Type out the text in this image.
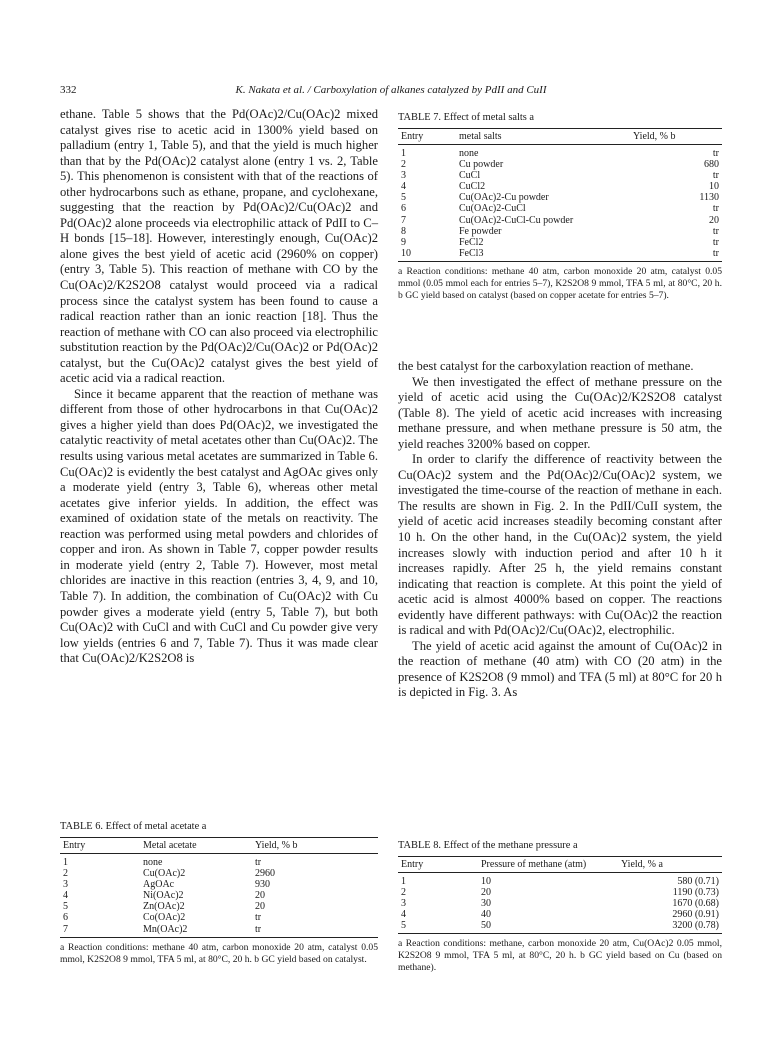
332	K. Nakata et al. / Carboxylation of alkanes catalyzed by PdII and CuII

ethane. Table 5 shows that the Pd(OAc)2/Cu(OAc)2 mixed catalyst gives rise to acetic acid in 1300% yield based on palladium (entry 1, Table 5), and that the yield is much higher than that by the Pd(OAc)2 catalyst alone (entry 1 vs. 2, Table 5). This phenomenon is consistent with that of the reactions of other hydrocarbons such as ethane, propane, and cyclohexane, suggesting that the reaction by Pd(OAc)2/Cu(OAc)2 and Pd(OAc)2 alone proceeds via electrophilic attack of PdII to C–H bonds [15–18]. However, interestingly enough, Cu(OAc)2 alone gives the best yield of acetic acid (2960% on copper) (entry 3, Table 5). This reaction of methane with CO by the Cu(OAc)2/K2S2O8 catalyst would proceed via a radical process since the catalyst system has been found to cause a radical reaction rather than an ionic reaction [18]. Thus the reaction of methane with CO can also proceed via electrophilic substitution reaction by the Pd(OAc)2/Cu(OAc)2 or Pd(OAc)2 catalyst, but the Cu(OAc)2 catalyst gives the best yield of acetic acid via a radical reaction.

Since it became apparent that the reaction of methane was different from those of other hydrocarbons in that Cu(OAc)2 gives a higher yield than does Pd(OAc)2, we investigated the catalytic reactivity of metal acetates other than Cu(OAc)2. The results using various metal acetates are summarized in Table 6. Cu(OAc)2 is evidently the best catalyst and AgOAc gives only a moderate yield (entry 3, Table 6), whereas other metal acetates give inferior yields. In addition, the effect was examined of oxidation state of the metals on reactivity. The reaction was performed using metal powders and chlorides of copper and iron. As shown in Table 7, copper powder results in moderate yield (entry 2, Table 7). However, most metal chlorides are inactive in this reaction (entries 3, 4, 9, and 10, Table 7). In addition, the combination of Cu(OAc)2 with Cu powder gives a moderate yield (entry 5, Table 7), but both Cu(OAc)2 with CuCl and with CuCl and Cu powder give very low yields (entries 6 and 7, Table 7). Thus it was made clear that Cu(OAc)2/K2S2O8 is

TABLE 7. Effect of metal salts a
Entry	metal salts	Yield, % b
1	none	tr
2	Cu powder	680
3	CuCl	tr
4	CuCl2	10
5	Cu(OAc)2-Cu powder	1130
6	Cu(OAc)2-CuCl	tr
7	Cu(OAc)2-CuCl-Cu powder	20
8	Fe powder	tr
9	FeCl2	tr
10	FeCl3	tr
a Reaction conditions: methane 40 atm, carbon monoxide 20 atm, catalyst 0.05 mmol (0.05 mmol each for entries 5–7), K2S2O8 9 mmol, TFA 5 ml, at 80°C, 20 h. b GC yield based on catalyst (based on copper acetate for entries 5–7).

the best catalyst for the carboxylation reaction of methane.

We then investigated the effect of methane pressure on the yield of acetic acid using the Cu(OAc)2/K2S2O8 catalyst (Table 8). The yield of acetic acid increases with increasing methane pressure, and when methane pressure is 50 atm, the yield reaches 3200% based on copper.

In order to clarify the difference of reactivity between the Cu(OAc)2 system and the Pd(OAc)2/Cu(OAc)2 system, we investigated the time-course of the reaction of methane in each. The results are shown in Fig. 2. In the PdII/CuII system, the yield of acetic acid increases steadily becoming constant after 10 h. On the other hand, in the Cu(OAc)2 system, the yield increases slowly with induction period and after 10 h it increases rapidly. After 25 h, the yield remains constant indicating that reaction is complete. At this point the yield of acetic acid is almost 4000% based on copper. The reactions evidently have different pathways: with Cu(OAc)2 the reaction is radical and with Pd(OAc)2/Cu(OAc)2, electrophilic.

The yield of acetic acid against the amount of Cu(OAc)2 in the reaction of methane (40 atm) with CO (20 atm) in the presence of K2S2O8 (9 mmol) and TFA (5 ml) at 80°C for 20 h is depicted in Fig. 3. As

TABLE 6. Effect of metal acetate a
Entry	Metal acetate	Yield, % b
1	none	tr
2	Cu(OAc)2	2960
3	AgOAc	930
4	Ni(OAc)2	20
5	Zn(OAc)2	20
6	Co(OAc)2	tr
7	Mn(OAc)2	tr
a Reaction conditions: methane 40 atm, carbon monoxide 20 atm, catalyst 0.05 mmol, K2S2O8 9 mmol, TFA 5 ml, at 80°C, 20 h. b GC yield based on catalyst.
TABLE 8. Effect of the methane pressure a
Entry	Pressure of methane (atm)	Yield, % a
1	10	580 (0.71)
2	20	1190 (0.73)
3	30	1670 (0.68)
4	40	2960 (0.91)
5	50	3200 (0.78)
a Reaction conditions: methane, carbon monoxide 20 atm, Cu(OAc)2 0.05 mmol, K2S2O8 9 mmol, TFA 5 ml, at 80°C, 20 h. b GC yield based on Cu (based on methane).
